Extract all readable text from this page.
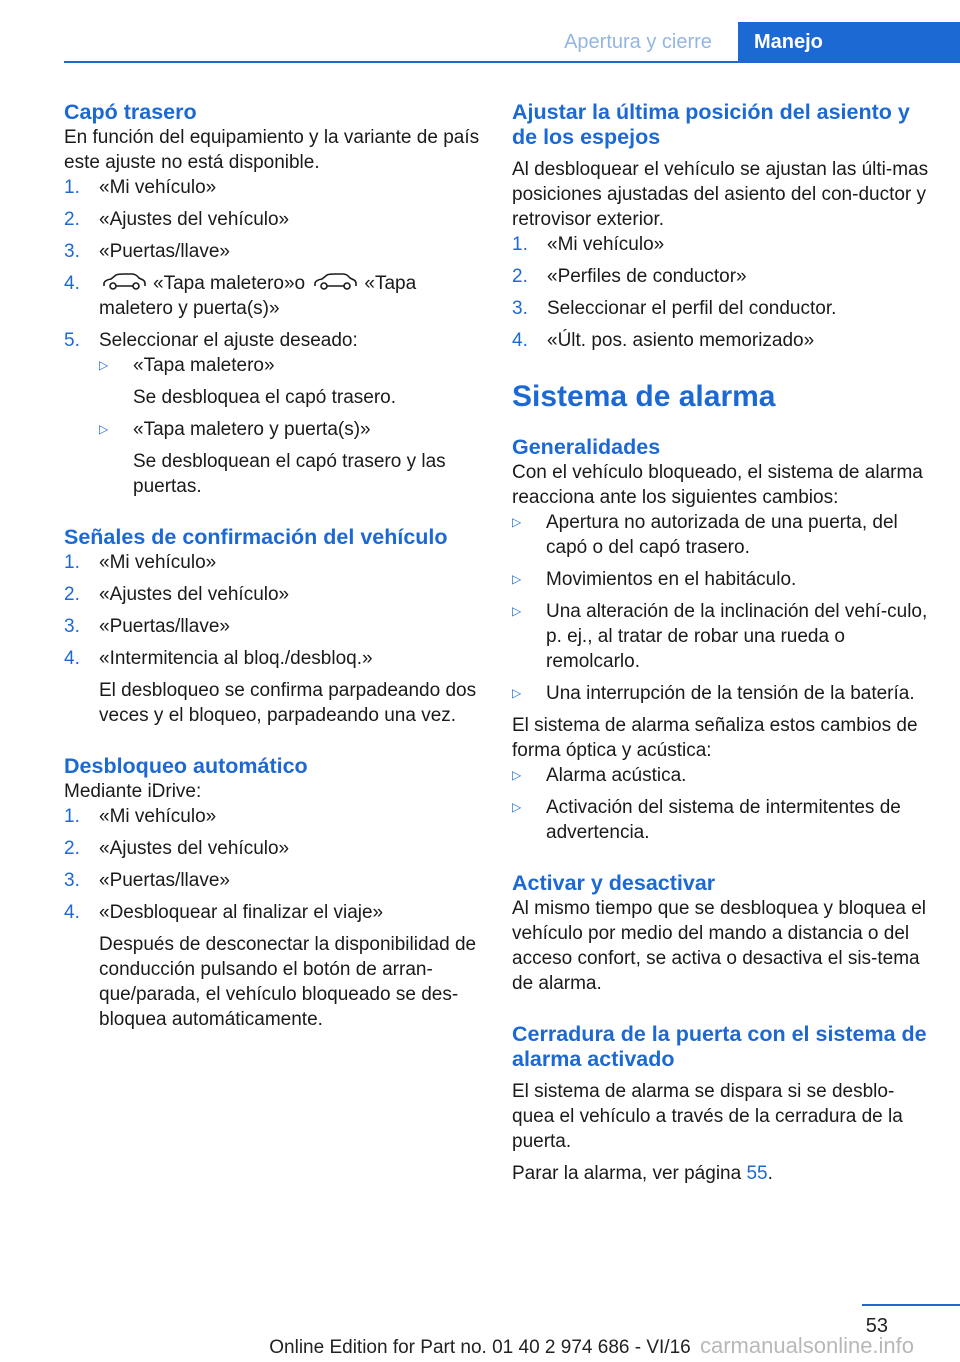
Apertura y cierre	Manejo
Capó trasero

En función del equipamiento y la variante de país este ajuste no está disponible.

1.	«Mi vehículo»
2.	«Ajustes del vehículo»
3.	«Puertas/llave»
4.	«Tapa maletero»o	«Tapa maletero y puerta(s)»
5.	Seleccionar el ajuste deseado:
▷	«Tapa maletero»
Se desbloquea el capó trasero.
▷	«Tapa maletero y puerta(s)»
Se desbloquean el capó trasero y las puertas.
Señales de confirmación del vehículo
1.	«Mi vehículo»
2.	«Ajustes del vehículo»
3.	«Puertas/llave»
4.	«Intermitencia al bloq./desbloq.»
El desbloqueo se confirma parpadeando dos veces y el bloqueo, parpadeando una vez.
Desbloqueo automático

Mediante iDrive:

1.	«Mi vehículo»
2.	«Ajustes del vehículo»
3.	«Puertas/llave»
4.	«Desbloquear al finalizar el viaje»
Después de desconectar la disponibilidad de conducción pulsando el botón de arran-que/parada, el vehículo bloqueado se des-bloquea automáticamente.
Ajustar la última posición del asiento y de los espejos

Al desbloquear el vehículo se ajustan las últi-mas posiciones ajustadas del asiento del con-ductor y retrovisor exterior.

1.	«Mi vehículo»
2.	«Perfiles de conductor»
3.	Seleccionar el perfil del conductor.
4.	«Últ. pos. asiento memorizado»
Sistema de alarma
Generalidades

Con el vehículo bloqueado, el sistema de alarma reacciona ante los siguientes cambios:

▷	Apertura no autorizada de una puerta, del capó o del capó trasero.
▷	Movimientos en el habitáculo.
▷	Una alteración de la inclinación del vehí-culo, p. ej., al tratar de robar una rueda o remolcarlo.
▷	Una interrupción de la tensión de la batería.

El sistema de alarma señaliza estos cambios de forma óptica y acústica:

▷	Alarma acústica.
▷	Activación del sistema de intermitentes de advertencia.
Activar y desactivar

Al mismo tiempo que se desbloquea y bloquea el vehículo por medio del mando a distancia o del acceso confort, se activa o desactiva el sis-tema de alarma.

Cerradura de la puerta con el sistema de alarma activado

El sistema de alarma se dispara si se desblo-quea el vehículo a través de la cerradura de la puerta.

Parar la alarma, ver página 55.

53
Online Edition for Part no. 01 40 2 974 686 - VI/16 carmanualsonline.info
